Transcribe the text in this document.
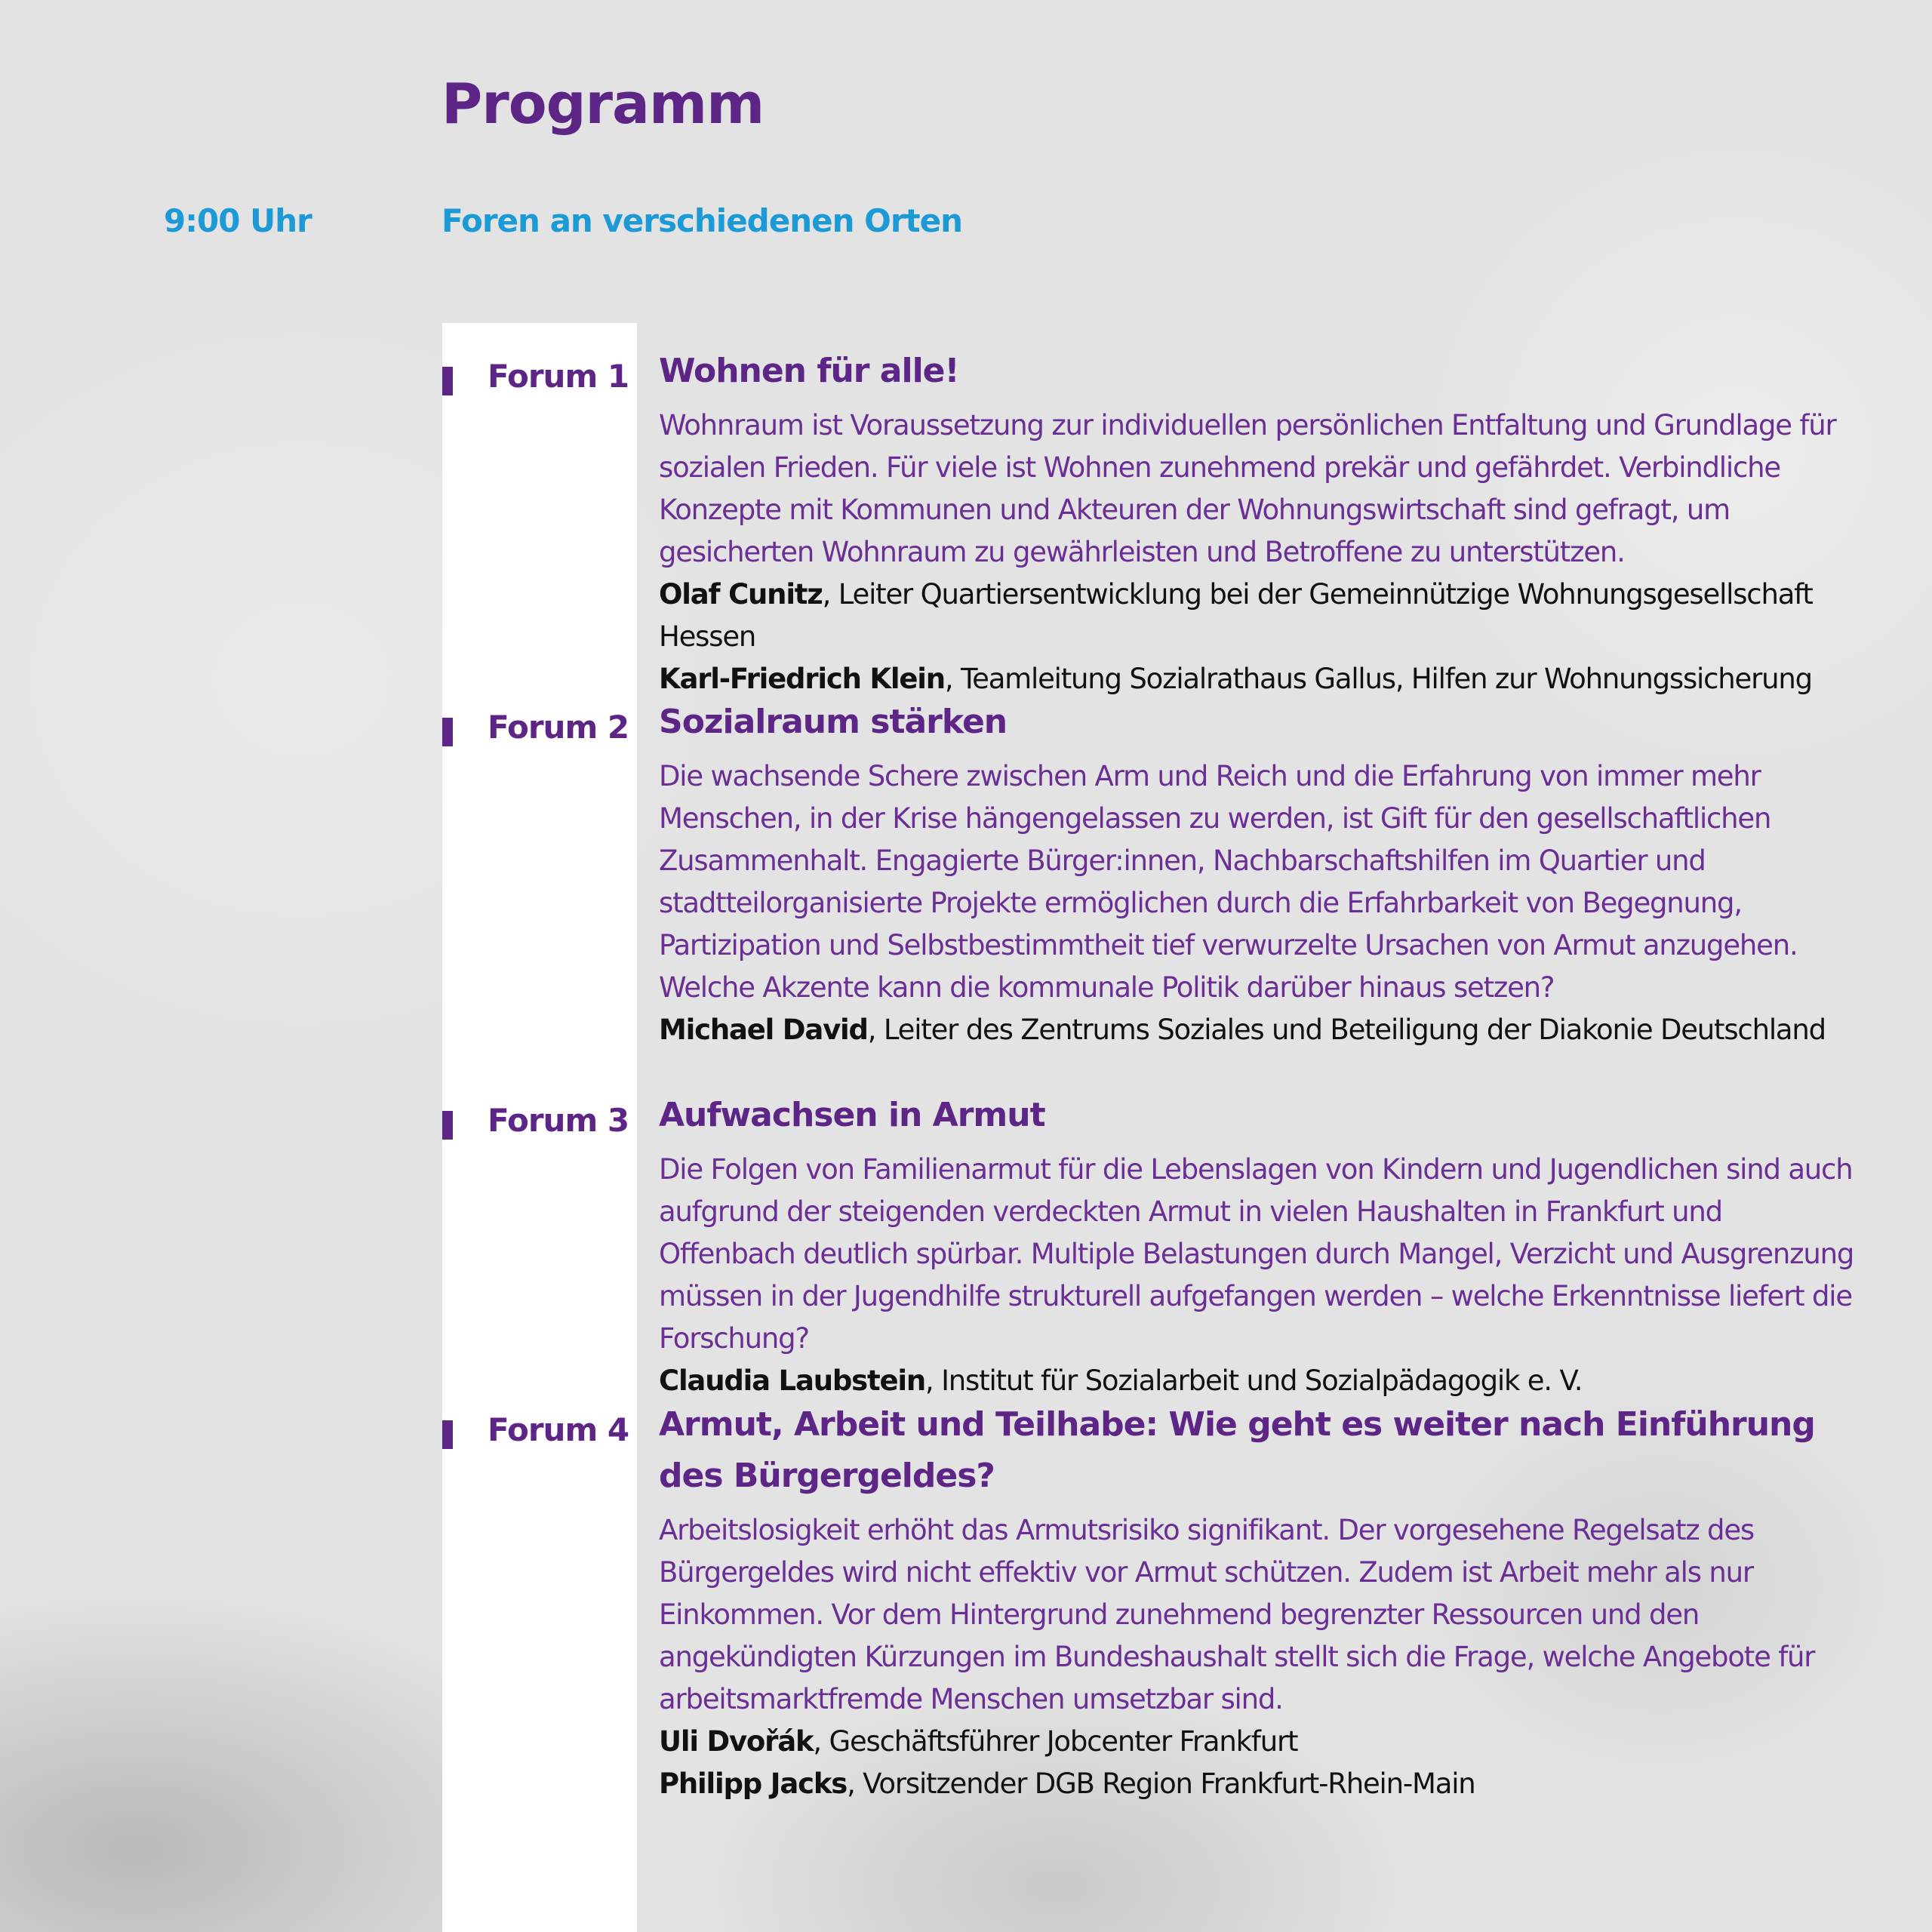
Programm
9:00 Uhr	Foren an verschiedenen Orten
Forum 1 Wohnen für alle!

Wohnraum ist Voraussetzung zur individuellen persönlichen Entfaltung und Grundlage für sozialen Frieden. Für viele ist Wohnen zunehmend prekär und gefährdet. Verbindliche Konzepte mit Kommunen und Akteuren der Wohnungswirtschaft sind gefragt, um gesicherten Wohnraum zu gewährleisten und Betroffene zu unterstützen.

Olaf Cunitz, Leiter Quartiersentwicklung bei der Gemeinnützige Wohnungsgesellschaft Hessen

Karl-Friedrich Klein, Teamleitung Sozialrathaus Gallus, Hilfen zur Wohnungssicherung

Forum 2 Sozialraum stärken

Die wachsende Schere zwischen Arm und Reich und die Erfahrung von immer mehr Menschen, in der Krise hängengelassen zu werden, ist Gift für den gesellschaftlichen Zusammenhalt. Engagierte Bürger:innen, Nachbarschaftshilfen im Quartier und stadtteilorganisierte Projekte ermöglichen durch die Erfahrbarkeit von Begegnung, Partizipation und Selbstbestimmtheit tief verwurzelte Ursachen von Armut anzugehen. Welche Akzente kann die kommunale Politik darüber hinaus setzen?

Michael David, Leiter des Zentrums Soziales und Beteiligung der Diakonie Deutschland

Forum 3 Aufwachsen in Armut

Die Folgen von Familienarmut für die Lebenslagen von Kindern und Jugendlichen sind auch aufgrund der steigenden verdeckten Armut in vielen Haushalten in Frankfurt und Offenbach deutlich spürbar. Multiple Belastungen durch Mangel, Verzicht und Ausgrenzung müssen in der Jugendhilfe strukturell aufgefangen werden – welche Erkenntnisse liefert die Forschung?

Claudia Laubstein, Institut für Sozialarbeit und Sozialpädagogik e. V.

Forum 4 Armut, Arbeit und Teilhabe: Wie geht es weiter nach Einführung des Bürgergeldes?

Arbeitslosigkeit erhöht das Armutsrisiko signifikant. Der vorgesehene Regelsatz des Bürgergeldes wird nicht effektiv vor Armut schützen. Zudem ist Arbeit mehr als nur Einkommen. Vor dem Hintergrund zunehmend begrenzter Ressourcen und den angekündigten Kürzungen im Bundeshaushalt stellt sich die Frage, welche Angebote für arbeitsmarktfremde Menschen umsetzbar sind.

Uli Dvořák, Geschäftsführer Jobcenter Frankfurt

Philipp Jacks, Vorsitzender DGB Region Frankfurt-Rhein-Main
